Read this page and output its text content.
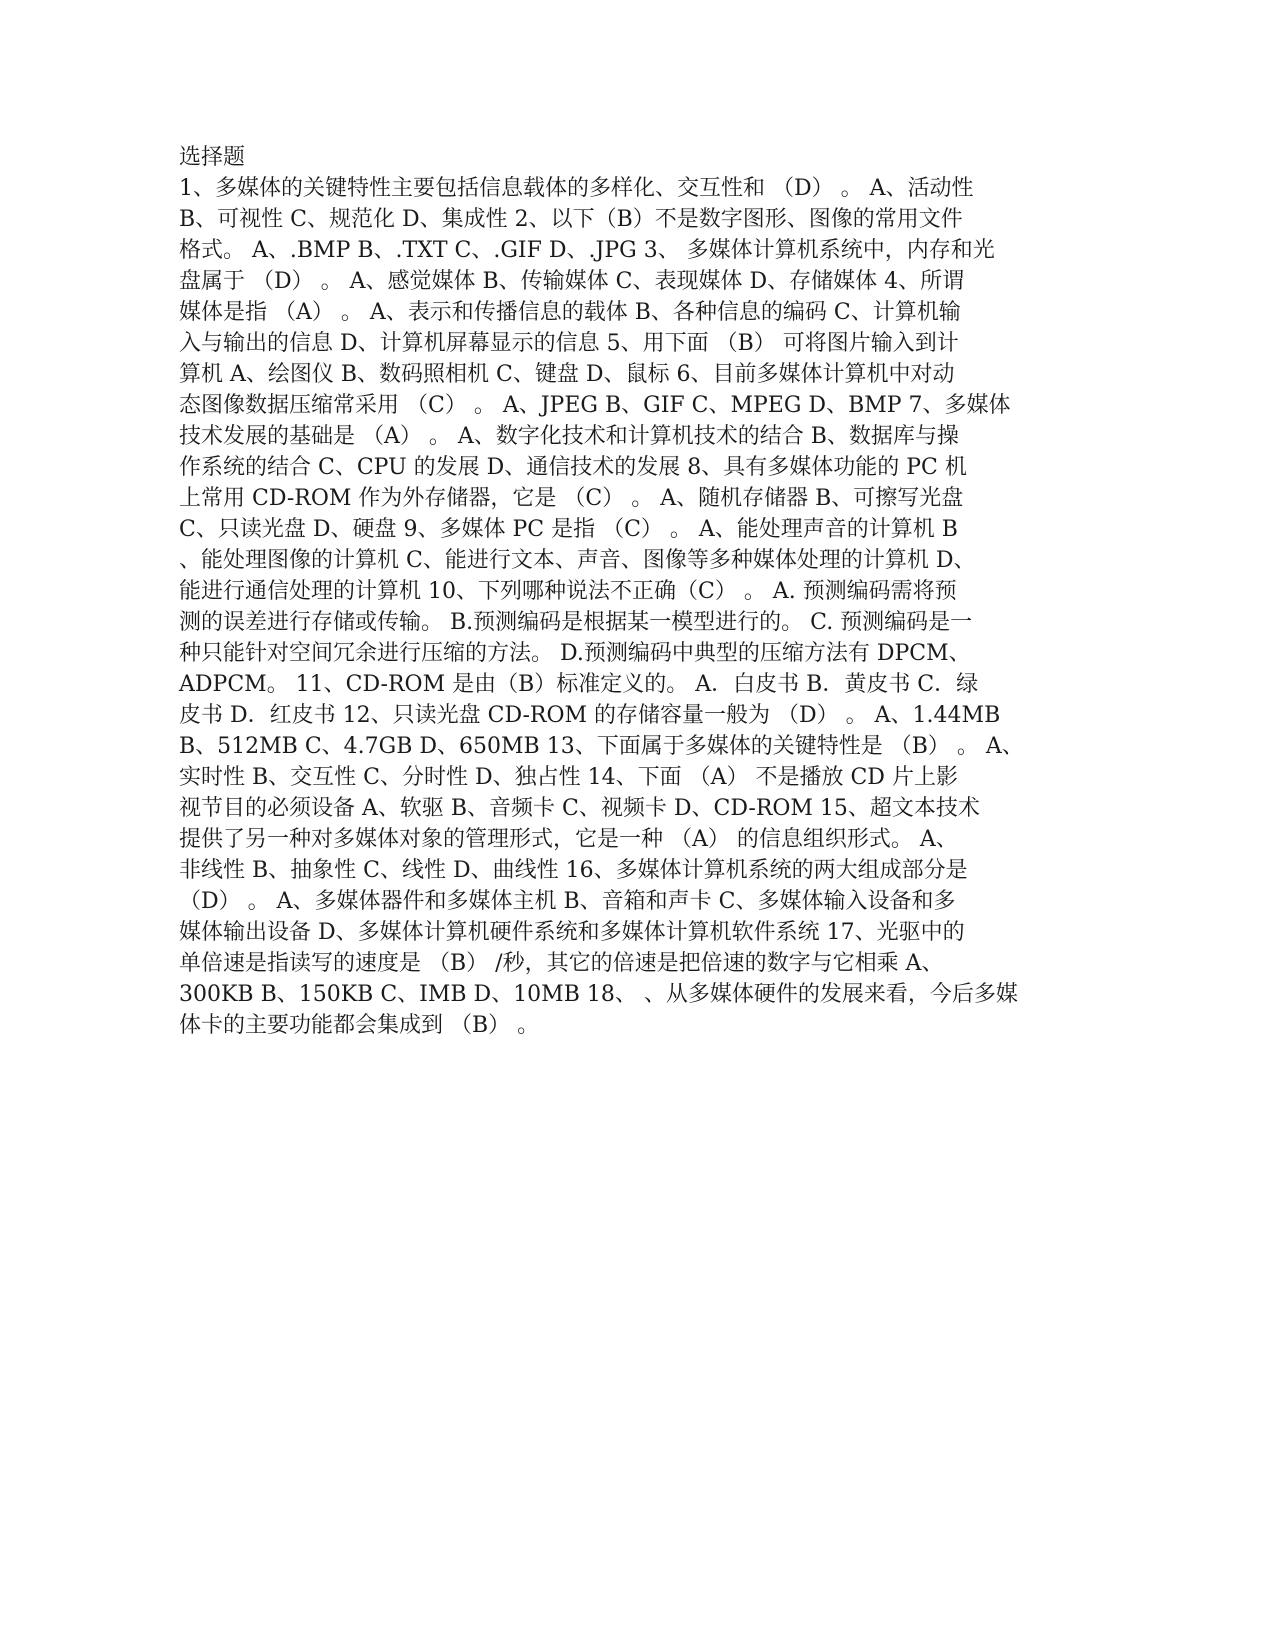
选择题
1、多媒体的关键特性主要包括信息载体的多样化、交互性和 （D） 。 A、活动性
B、可视性 C、规范化 D、集成性 2、以下（B）不是数字图形、图像的常用文件
格式。 A、.BMP B、.TXT C、.GIF D、.JPG 3、 多媒体计算机系统中，内存和光
盘属于 （D） 。 A、感觉媒体 B、传输媒体 C、表现媒体 D、存储媒体 4、所谓
媒体是指 （A） 。 A、表示和传播信息的载体 B、各种信息的编码 C、计算机输
入与输出的信息 D、计算机屏幕显示的信息 5、用下面 （B） 可将图片输入到计
算机 A、绘图仪 B、数码照相机 C、键盘 D、鼠标 6、目前多媒体计算机中对动
态图像数据压缩常采用 （C） 。 A、JPEG B、GIF C、MPEG D、BMP 7、多媒体
技术发展的基础是 （A） 。 A、数字化技术和计算机技术的结合 B、数据库与操
作系统的结合 C、CPU 的发展 D、通信技术的发展 8、具有多媒体功能的 PC 机
上常用 CD-ROM 作为外存储器，它是 （C） 。 A、随机存储器 B、可擦写光盘
C、只读光盘 D、硬盘 9、多媒体 PC 是指 （C） 。 A、能处理声音的计算机 B
、能处理图像的计算机 C、能进行文本、声音、图像等多种媒体处理的计算机 D、
能进行通信处理的计算机 10、下列哪种说法不正确（C） 。 A. 预测编码需将预
测的误差进行存储或传输。 B.预测编码是根据某一模型进行的。 C. 预测编码是一
种只能针对空间冗余进行压缩的方法。 D.预测编码中典型的压缩方法有 DPCM、
ADPCM。 11、CD-ROM 是由（B）标准定义的。 A．白皮书 B．黄皮书 C．绿
皮书 D．红皮书 12、只读光盘 CD-ROM 的存储容量一般为 （D） 。 A、1.44MB
B、512MB C、4.7GB D、650MB 13、下面属于多媒体的关键特性是 （B） 。 A、
实时性 B、交互性 C、分时性 D、独占性 14、下面 （A） 不是播放 CD 片上影
视节目的必须设备 A、软驱 B、音频卡 C、视频卡 D、CD-ROM 15、超文本技术
提供了另一种对多媒体对象的管理形式，它是一种 （A） 的信息组织形式。 A、
非线性 B、抽象性 C、线性 D、曲线性 16、多媒体计算机系统的两大组成部分是
（D） 。 A、多媒体器件和多媒体主机 B、音箱和声卡 C、多媒体输入设备和多
媒体输出设备 D、多媒体计算机硬件系统和多媒体计算机软件系统 17、光驱中的
单倍速是指读写的速度是 （B） /秒，其它的倍速是把倍速的数字与它相乘 A、
300KB B、150KB C、IMB D、10MB 18、 、从多媒体硬件的发展来看，今后多媒
体卡的主要功能都会集成到 （B） 。
